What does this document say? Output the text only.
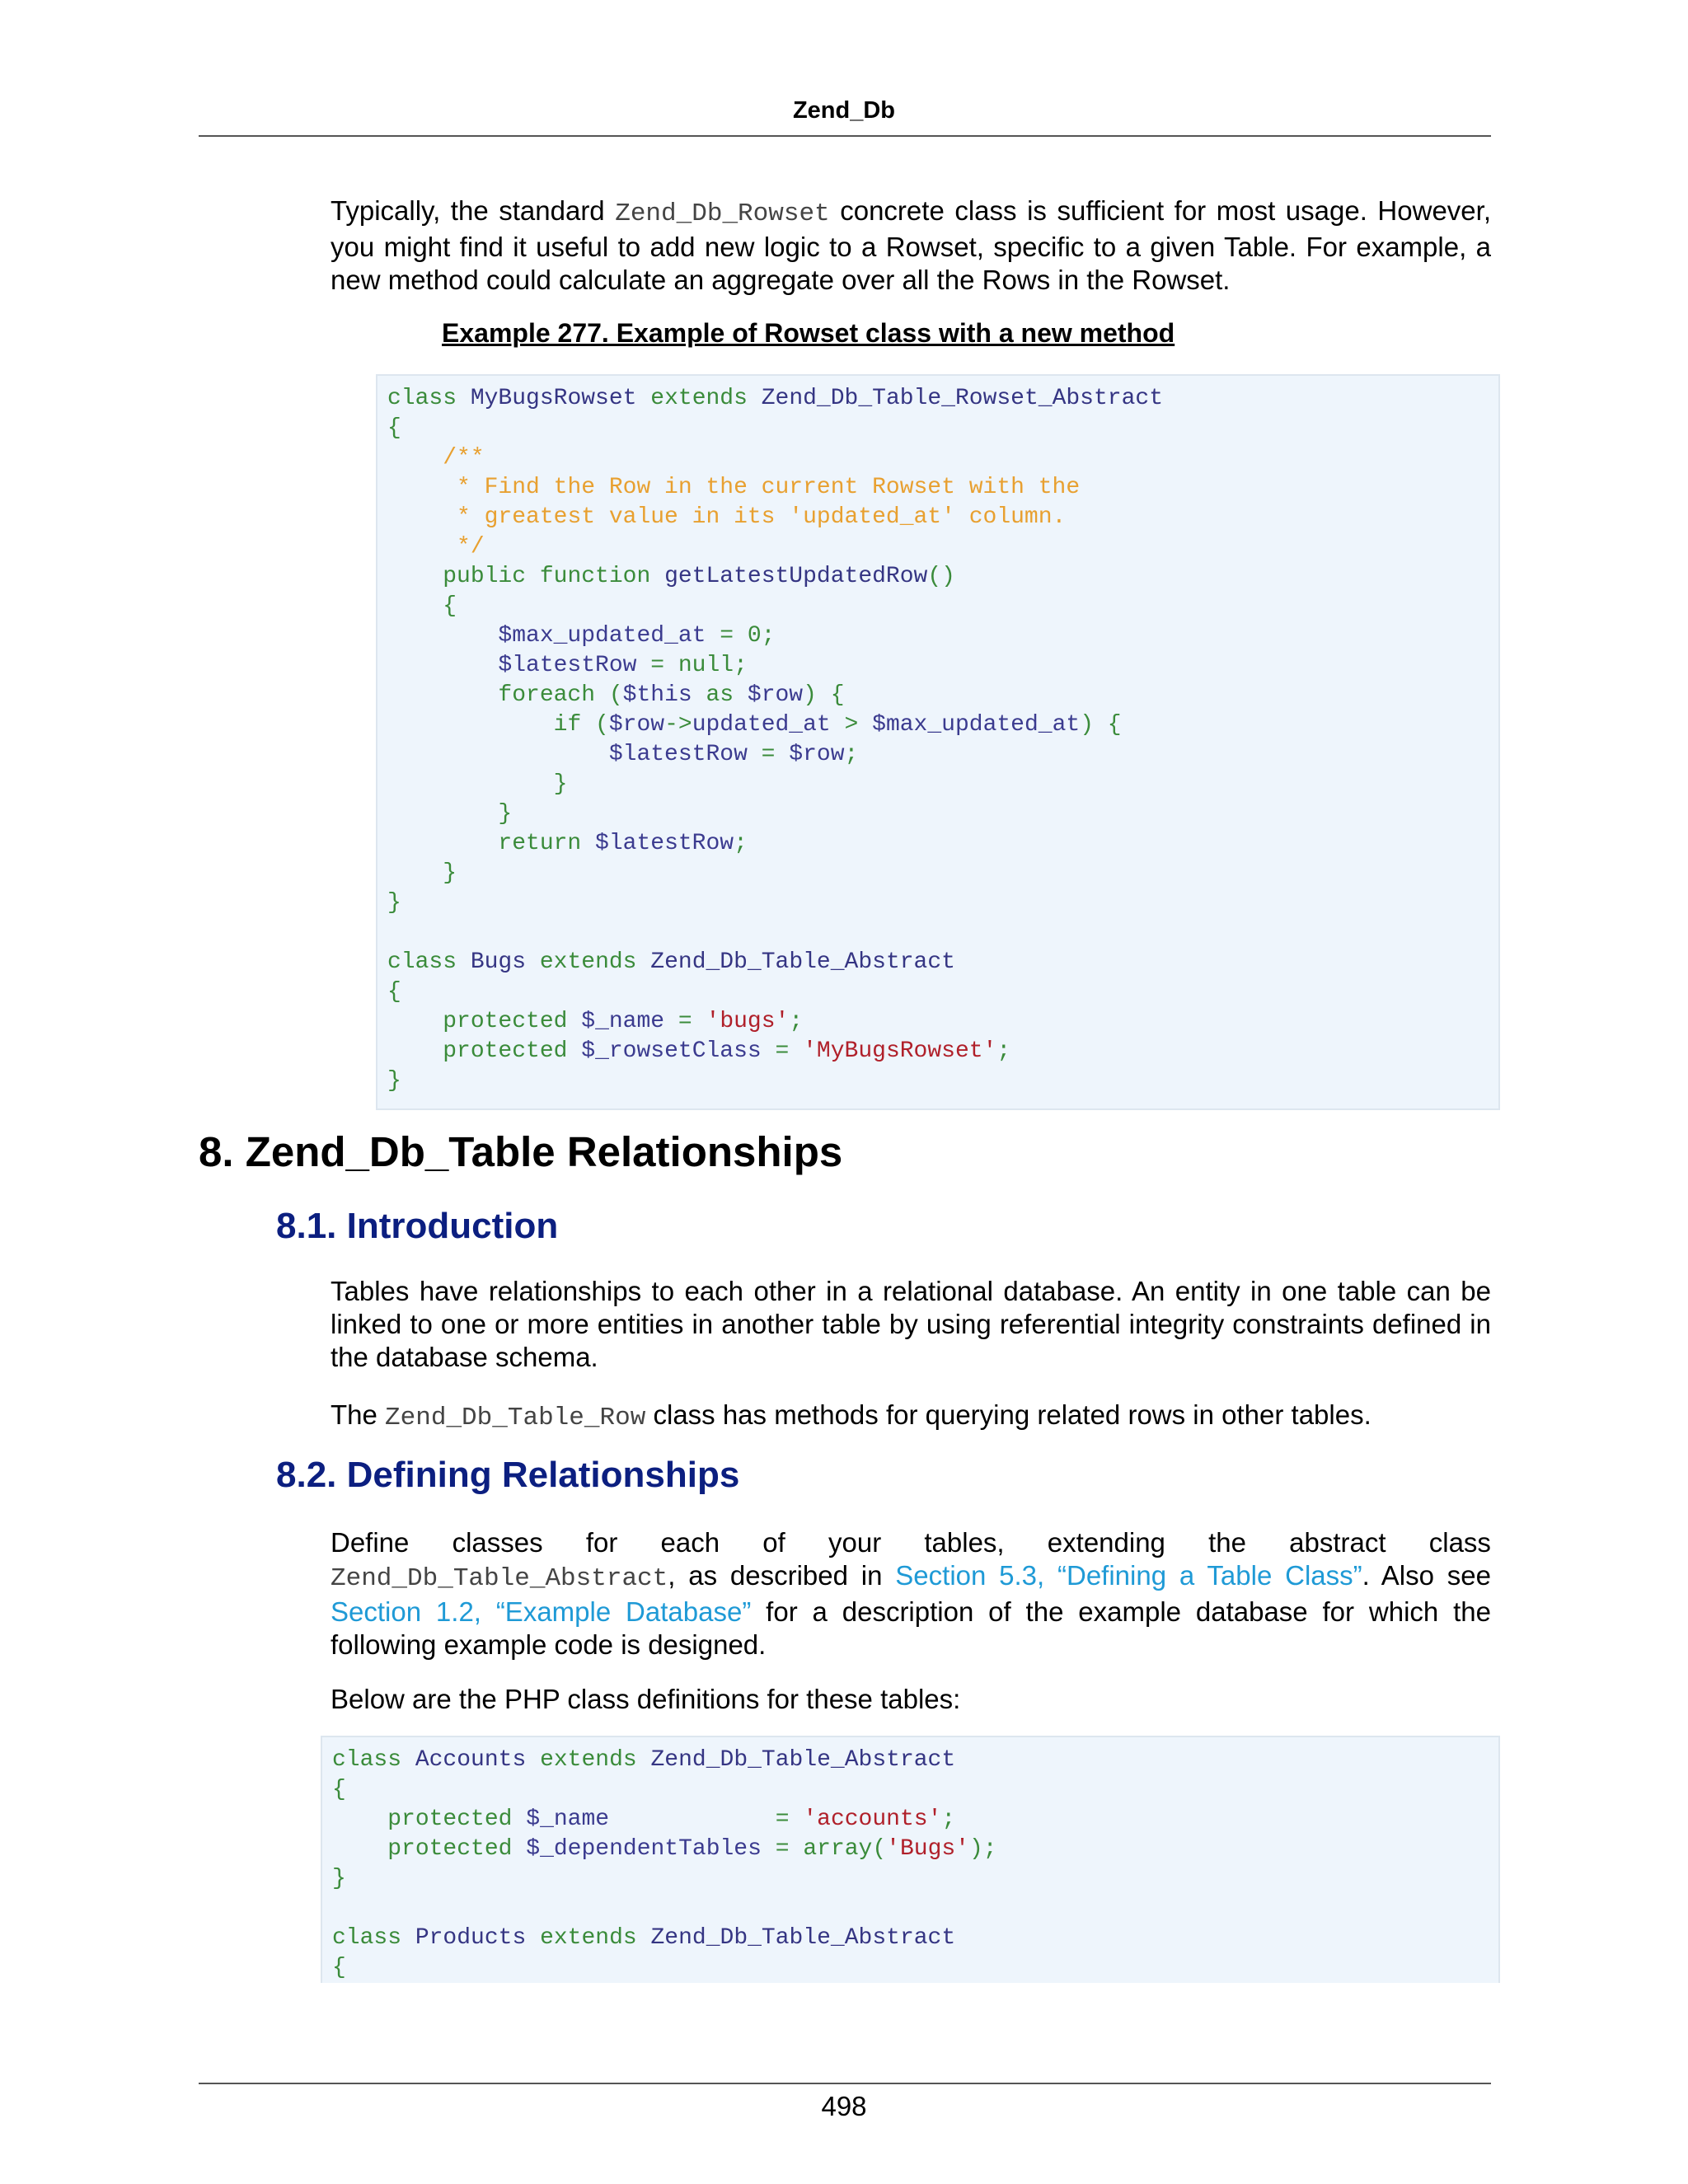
Zend_Db

Typically, the standard Zend_Db_Rowset concrete class is sufficient for most usage. However, you might find it useful to add new logic to a Rowset, specific to a given Table. For example, a new method could calculate an aggregate over all the Rows in the Rowset.

Example 277. Example of Rowset class with a new method
class MyBugsRowset extends Zend_Db_Table_Rowset_Abstract
{
/**
* Find the Row in the current Rowset with the
* greatest value in its 'updated_at' column.
*/
public function getLatestUpdatedRow()
{
$max_updated_at = 0;
$latestRow = null;
foreach ($this as $row) {
if ($row->updated_at > $max_updated_at) {
$latestRow = $row;
}
}
return $latestRow;
}
}

class Bugs extends Zend_Db_Table_Abstract
{
protected $_name = 'bugs';
protected $_rowsetClass = 'MyBugsRowset';
}
8. Zend_Db_Table Relationships
8.1. Introduction

Tables have relationships to each other in a relational database. An entity in one table can be linked to one or more entities in another table by using referential integrity constraints defined in the database schema.

The Zend_Db_Table_Row class has methods for querying related rows in other tables.

8.2. Defining Relationships
Define classes for each of your tables, extending the abstract class
Zend_Db_Table_Abstract, as described in Section 5.3, “Defining a Table Class”. Also see Section 1.2, “Example Database” for a description of the example database for which the following example code is designed.

Below are the PHP class definitions for these tables:

class Accounts extends Zend_Db_Table_Abstract
{
protected $_name            = 'accounts';
protected $_dependentTables = array('Bugs');
}

class Products extends Zend_Db_Table_Abstract
{
498
